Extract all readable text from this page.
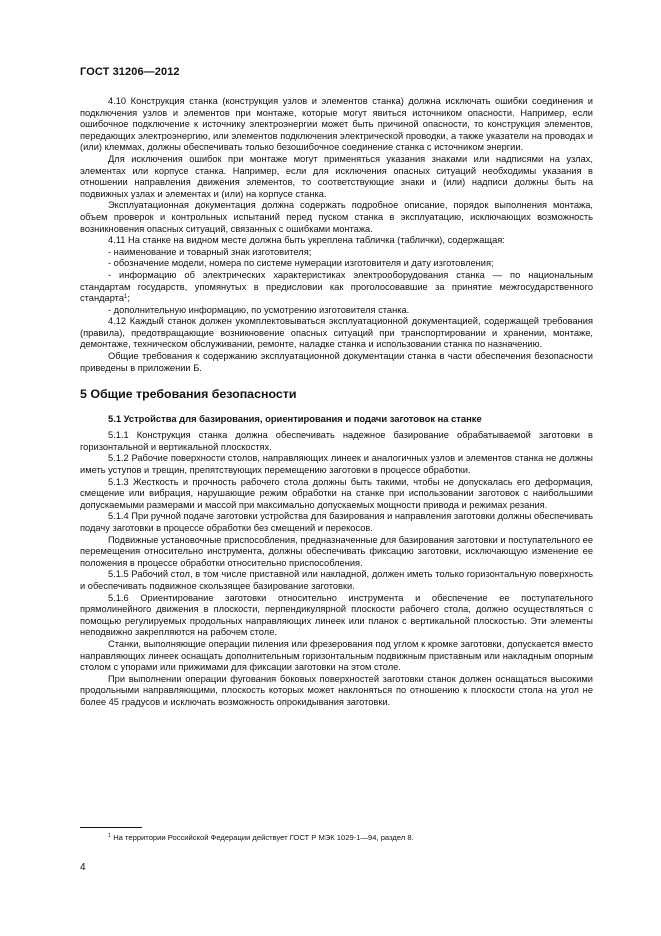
ГОСТ 31206—2012

4.10 Конструкция станка (конструкция узлов и элементов станка) должна исключать ошибки соединения и подключения узлов и элементов при монтаже, которые могут явиться источником опасности. Например, если ошибочное подключение к источнику электроэнергии может быть причиной опасности, то конструкция элементов, передающих электроэнергию, или элементов подключения электрической проводки, а также указатели на проводах и (или) клеммах, должны обеспечивать только безошибочное соединение станка с источником энергии.

Для исключения ошибок при монтаже могут применяться указания знаками или надписями на узлах, элементах или корпусе станка. Например, если для исключения опасных ситуаций необходимы указания в отношении направления движения элементов, то соответствующие знаки и (или) надписи должны быть на подвижных узлах и элементах и (или) на корпусе станка.

Эксплуатационная документация должна содержать подробное описание, порядок выполнения монтажа, объем проверок и контрольных испытаний перед пуском станка в эксплуатацию, исключающих возможность возникновения опасных ситуаций, связанных с ошибками монтажа.

4.11 На станке на видном месте должна быть укреплена табличка (таблички), содержащая:

- наименование и товарный знак изготовителя;

- обозначение модели, номера по системе нумерации изготовителя и дату изготовления;

- информацию об электрических характеристиках электрооборудования станка — по национальным стандартам государств, упомянутых в предисловии как проголосовавшие за принятие межгосударственного стандарта$^1$;

- дополнительную информацию, по усмотрению изготовителя станка.

4.12 Каждый станок должен укомплектовываться эксплуатационной документацией, содержащей требования (правила), предотвращающие возникновение опасных ситуаций при транспортировании и хранении, монтаже, демонтаже, техническом обслуживании, ремонте, наладке станка и использовании станка по назначению.

Общие требования к содержанию эксплуатационной документации станка в части обеспечения безопасности приведены в приложении Б.

5 Общие требования безопасности
5.1 Устройства для базирования, ориентирования и подачи заготовок на станке

5.1.1 Конструкция станка должна обеспечивать надежное базирование обрабатываемой заготовки в горизонтальной и вертикальной плоскостях.

5.1.2 Рабочие поверхности столов, направляющих линеек и аналогичных узлов и элементов станка не должны иметь уступов и трещин, препятствующих перемещению заготовки в процессе обработки.

5.1.3 Жесткость и прочность рабочего стола должны быть такими, чтобы не допускалась его деформация, смещение или вибрация, нарушающие режим обработки на станке при использовании заготовок с наибольшими допускаемыми размерами и массой при максимально допускаемых мощности привода и режимах резания.

5.1.4 При ручной подаче заготовки устройства для базирования и направления заготовки должны обеспечивать подачу заготовки в процессе обработки без смещений и перекосов.

Подвижные установочные приспособления, предназначенные для базирования заготовки и поступательного ее перемещения относительно инструмента, должны обеспечивать фиксацию заготовки, исключающую изменение ее положения в процессе обработки относительно приспособления.

5.1.5 Рабочий стол, в том числе приставной или накладной, должен иметь только горизонтальную поверхность и обеспечивать подвижное скользящее базирование заготовки.

5.1.6 Ориентирование заготовки относительно инструмента и обеспечение ее поступательного прямолинейного движения в плоскости, перпендикулярной плоскости рабочего стола, должно осуществляться с помощью регулируемых продольных направляющих линеек или планок с вертикальной плоскостью. Эти элементы неподвижно закрепляются на рабочем столе.

Станки, выполняющие операции пиления или фрезерования под углом к кромке заготовки, допускается вместо направляющих линеек оснащать дополнительным горизонтальным подвижным приставным или накладным опорным столом с упорами или прижимами для фиксации заготовки на этом столе.

При выполнении операции фугования боковых поверхностей заготовки станок должен оснащаться высокими продольными направляющими, плоскость которых может наклоняться по отношению к плоскости стола на угол не более 45 градусов и исключать возможность опрокидывания заготовки.

$^1$ На территории Российской Федерации действует ГОСТ Р МЭК 1029-1—94, раздел 8.
4
